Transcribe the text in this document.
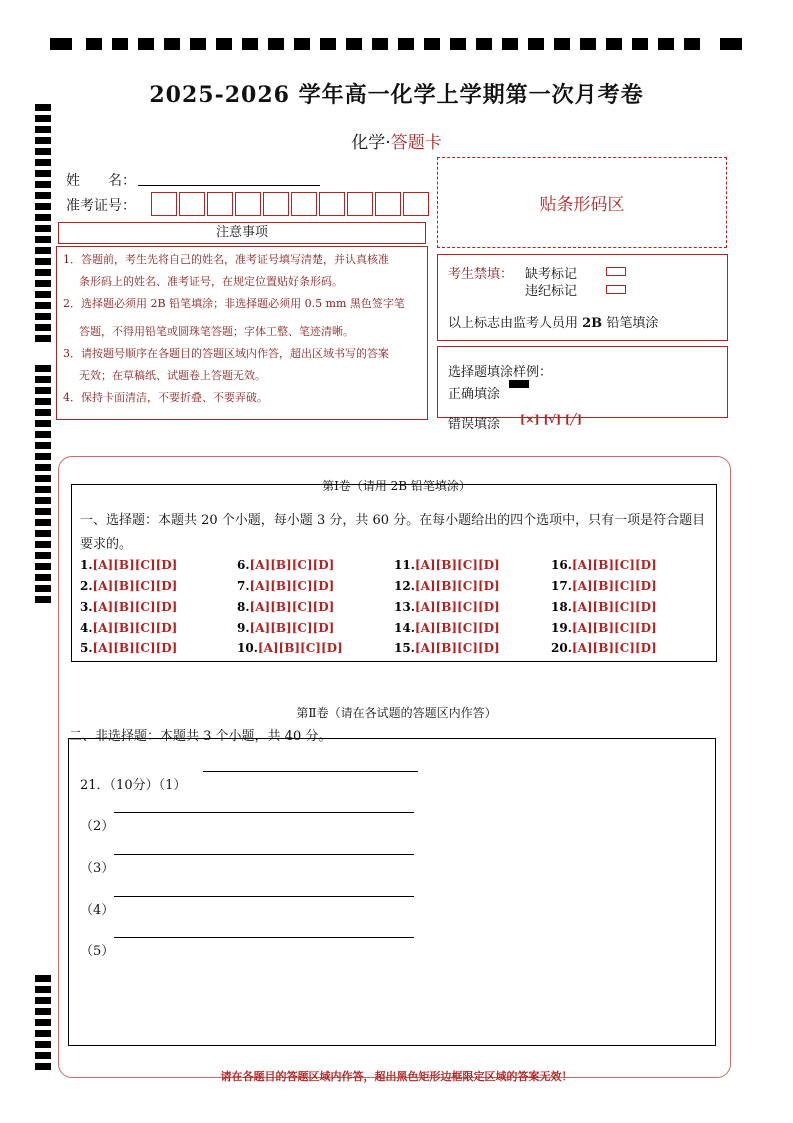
2025-2026 学年高一化学上学期第一次月考卷
化学·答题卡
姓　　名：
准考证号：	贴条形码区
注意事项
1．答题前，考生先将自己的姓名，准考证号填写清楚，并认真核准
条形码上的姓名、准考证号，在规定位置贴好条形码。
2．选择题必须用 2B 铅笔填涂；非选择题必须用 0.5 mm 黑色签字笔
答题，不得用铅笔或圆珠笔答题；字体工整、笔迹清晰。
3．请按题号顺序在各题目的答题区域内作答，超出区域书写的答案
无效；在草稿纸、试题卷上答题无效。
4．保持卡面清洁，不要折叠、不要弄破。
考生禁填： 缺考标记
违纪标记
以上标志由监考人员用 2B 铅笔填涂
选择题填涂样例：
正确填涂
错误填涂 [×] [√] [╱]
第Ⅰ卷（请用 2B 铅笔填涂）
一、选择题：本题共 20 个小题，每小题 3 分，共 60 分。在每小题给出的四个选项中，只有一项是符合题目要求的。
1.[A][B][C][D]
2.[A][B][C][D]
3.[A][B][C][D]
4.[A][B][C][D]
5.[A][B][C][D]
6.[A][B][C][D]
7.[A][B][C][D]
8.[A][B][C][D]
9.[A][B][C][D]
10.[A][B][C][D]
11.[A][B][C][D]
12.[A][B][C][D]
13.[A][B][C][D]
14.[A][B][C][D]
15.[A][B][C][D]
16.[A][B][C][D]
17.[A][B][C][D]
18.[A][B][C][D]
19.[A][B][C][D]
20.[A][B][C][D]
第Ⅱ卷（请在各试题的答题区内作答）
二、非选择题：本题共 3 个小题，共 40 分。
21．（10分）（1）
（2）
（3）
（4）
（5）
请在各题目的答题区域内作答，超出黑色矩形边框限定区域的答案无效！
